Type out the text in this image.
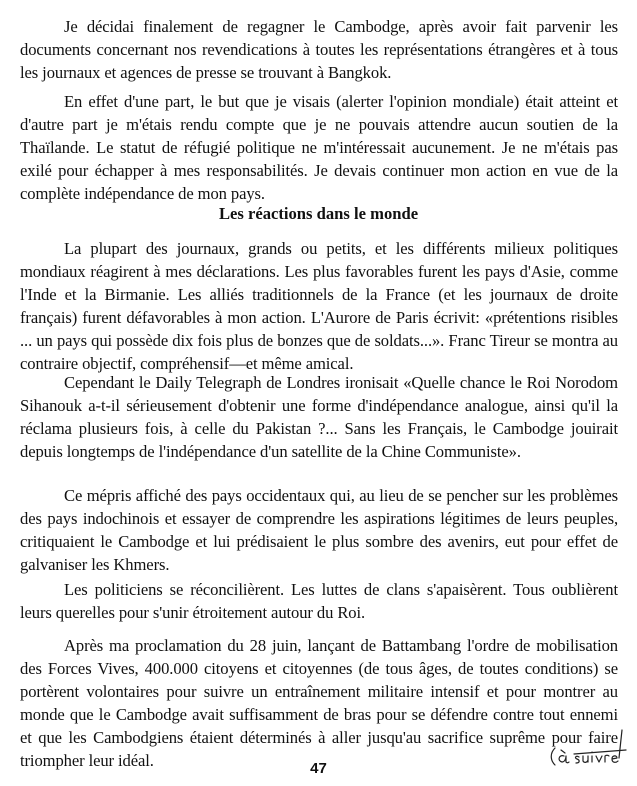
Je décidai finalement de regagner le Cambodge, après avoir fait parvenir les documents concernant nos revendications à toutes les représentations étrangères et à tous les journaux et agences de presse se trouvant à Bangkok.

En effet d'une part, le but que je visais (alerter l'opinion mondiale) était atteint et d'autre part je m'étais rendu compte que je ne pouvais attendre aucun soutien de la Thaïlande. Le statut de réfugié politique ne m'intéressait aucunement. Je ne m'étais pas exilé pour échapper à mes responsabilités. Je devais continuer mon action en vue de la complète indépendance de mon pays.

Les réactions dans le monde

La plupart des journaux, grands ou petits, et les différents milieux politiques mondiaux réagirent à mes déclarations. Les plus favorables furent les pays d'Asie, comme l'Inde et la Birmanie. Les alliés traditionnels de la France (et les journaux de droite français) furent défavorables à mon action. L'Aurore de Paris écrivit: «prétentions risibles ... un pays qui possède dix fois plus de bonzes que de soldats...». Franc Tireur se montra au contraire objectif, compréhensif—et même amical.

Cependant le Daily Telegraph de Londres ironisait «Quelle chance le Roi Norodom Sihanouk a-t-il sérieusement d'obtenir une forme d'indépendance analogue, ainsi qu'il la réclama plusieurs fois, à celle du Pakistan ?... Sans les Français, le Cambodge jouirait depuis longtemps de l'indépendance d'un satellite de la Chine Communiste».

Ce mépris affiché des pays occidentaux qui, au lieu de se pencher sur les problèmes des pays indochinois et essayer de comprendre les aspirations légitimes de leurs peuples, critiquaient le Cambodge et lui prédisaient le plus sombre des avenirs, eut pour effet de galvaniser les Khmers.

Les politiciens se réconcilièrent. Les luttes de clans s'apaisèrent. Tous oublièrent leurs querelles pour s'unir étroitement autour du Roi.

Après ma proclamation du 28 juin, lançant de Battambang l'ordre de mobilisation des Forces Vives, 400.000 citoyens et citoyennes (de tous âges, de toutes conditions) se portèrent volontaires pour suivre un entraînement militaire intensif et pour montrer au monde que le Cambodge avait suffisamment de bras pour se défendre contre tout ennemi et que les Cambodgiens étaient déterminés à aller jusqu'au sacrifice suprême pour faire triompher leur idéal.	47
